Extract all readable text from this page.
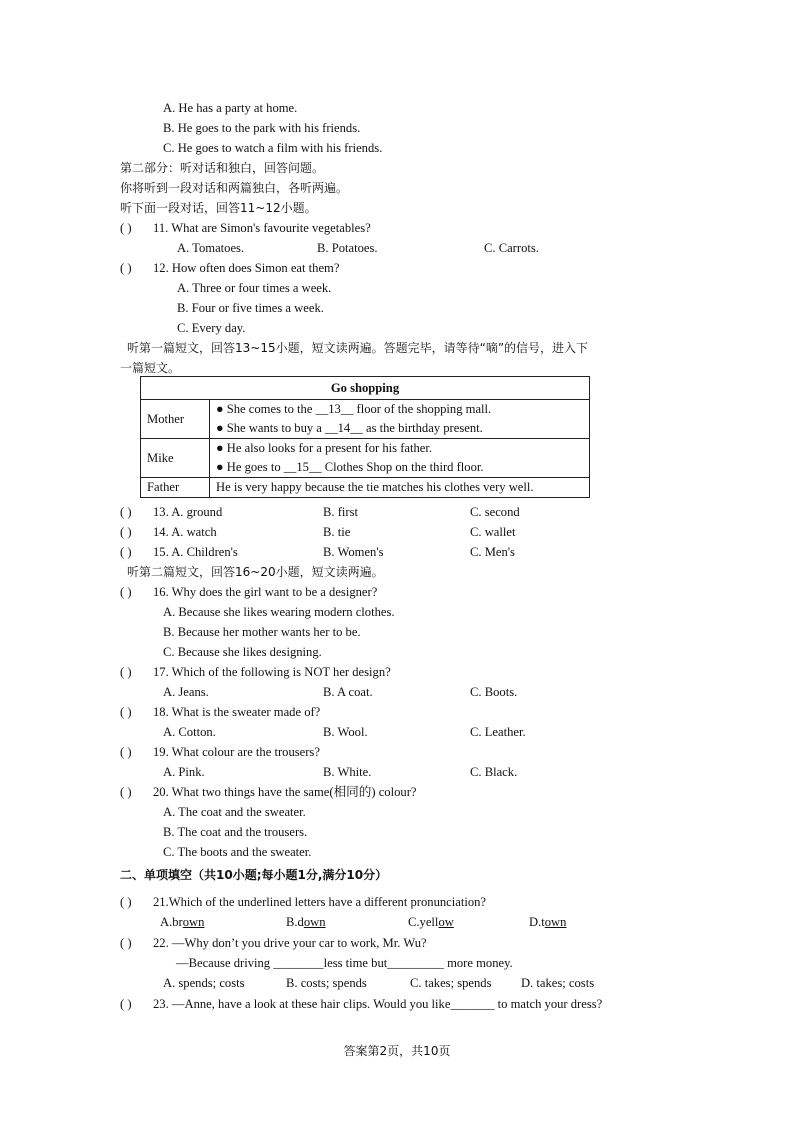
A. He has a party at home.
B. He goes to the park with his friends.
C. He goes to watch a film with his friends.
第二部分：听对话和独白，回答问题。
你将听到一段对话和两篇独白，各听两遍。
听下面一段对话，回答11~12小题。
( ) 11. What are Simon's favourite vegetables?
A. Tomatoes.	B. Potatoes.	C. Carrots.
( ) 12. How often does Simon eat them?
A. Three or four times a week.
B. Four or five times a week.
C. Every day.
听第一篇短文，回答13~15小题，短文读两遍。答题完毕，请等待“嘀”的信号，进入下
一篇短文。
Go shopping	
Mother	● She comes to the __13__ floor of the shopping mall.
● She wants to buy a __14__ as the birthday present.

Mike	● He also looks for a present for his father.
● He goes to __15__ Clothes Shop on the third floor.

Father	He is very happy because the tie matches his clothes very well.
( ) 13. A. ground	B. first	C. second
( ) 14. A. watch	B. tie	C. wallet
( ) 15. A. Children's	B. Women's	C. Men's
听第二篇短文，回答16~20小题，短文读两遍。
( ) 16. Why does the girl want to be a designer?
A. Because she likes wearing modern clothes.
B. Because her mother wants her to be.
C. Because she likes designing.
( ) 17. Which of the following is NOT her design?
A. Jeans.	B. A coat.	C. Boots.
( ) 18. What is the sweater made of?
A. Cotton.	B. Wool.	C. Leather.
( ) 19. What colour are the trousers?
A. Pink.	B. White.	C. Black.
( ) 20. What two things have the same(相同的) colour?
A. The coat and the sweater.
B. The coat and the trousers.
C. The boots and the sweater.
二、单项填空（共10小题;每小题1分,满分10分）
( ) 21.Which of the underlined letters have a different pronunciation?
A.brown	B.down	C.yellow	D.town
( ) 22. —Why don’t you drive your car to work, Mr. Wu?
—Because driving ________less time but_________ more money.
A. spends; costs	B. costs; spends	C. takes; spends D. takes; costs
( ) 23. —Anne, have a look at these hair clips. Would you like_______ to match your dress?
答案第2页，共10页
